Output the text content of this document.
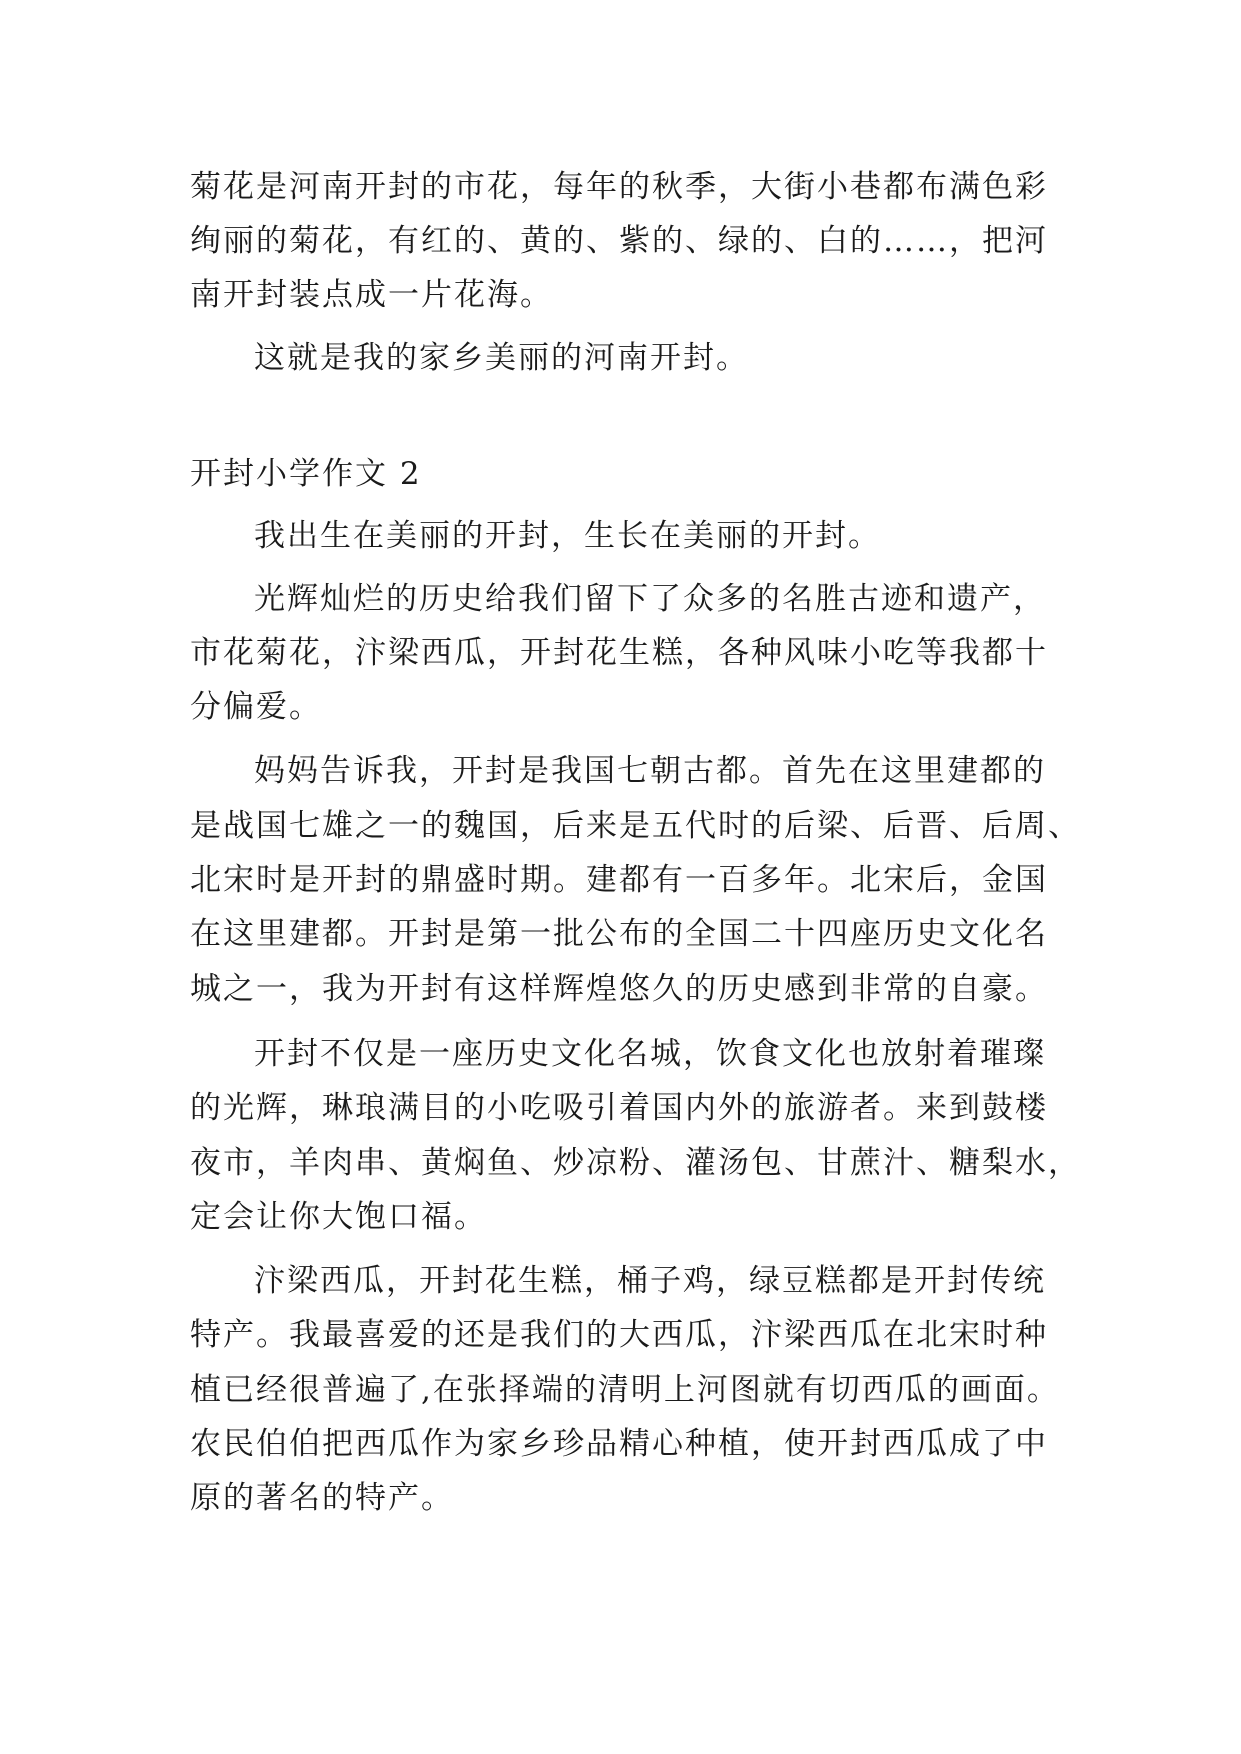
菊花是河南开封的市花，每年的秋季，大街小巷都布满色彩
绚丽的菊花，有红的、黄的、紫的、绿的、白的……，把河
南开封装点成一片花海。
这就是我的家乡美丽的河南开封。
开封小学作文 2
我出生在美丽的开封，生长在美丽的开封。
光辉灿烂的历史给我们留下了众多的名胜古迹和遗产，
市花菊花，汴梁西瓜，开封花生糕，各种风味小吃等我都十
分偏爱。
妈妈告诉我，开封是我国七朝古都。首先在这里建都的
是战国七雄之一的魏国，后来是五代时的后梁、后晋、后周、
北宋时是开封的鼎盛时期。建都有一百多年。北宋后，金国
在这里建都。开封是第一批公布的全国二十四座历史文化名
城之一，我为开封有这样辉煌悠久的历史感到非常的自豪。
开封不仅是一座历史文化名城，饮食文化也放射着璀璨
的光辉，琳琅满目的小吃吸引着国内外的旅游者。来到鼓楼
夜市，羊肉串、黄焖鱼、炒凉粉、灌汤包、甘蔗汁、糖梨水，
定会让你大饱口福。
汴梁西瓜，开封花生糕，桶子鸡，绿豆糕都是开封传统
特产。我最喜爱的还是我们的大西瓜，汴梁西瓜在北宋时种
植已经很普遍了,在张择端的清明上河图就有切西瓜的画面。
农民伯伯把西瓜作为家乡珍品精心种植，使开封西瓜成了中
原的著名的特产。
